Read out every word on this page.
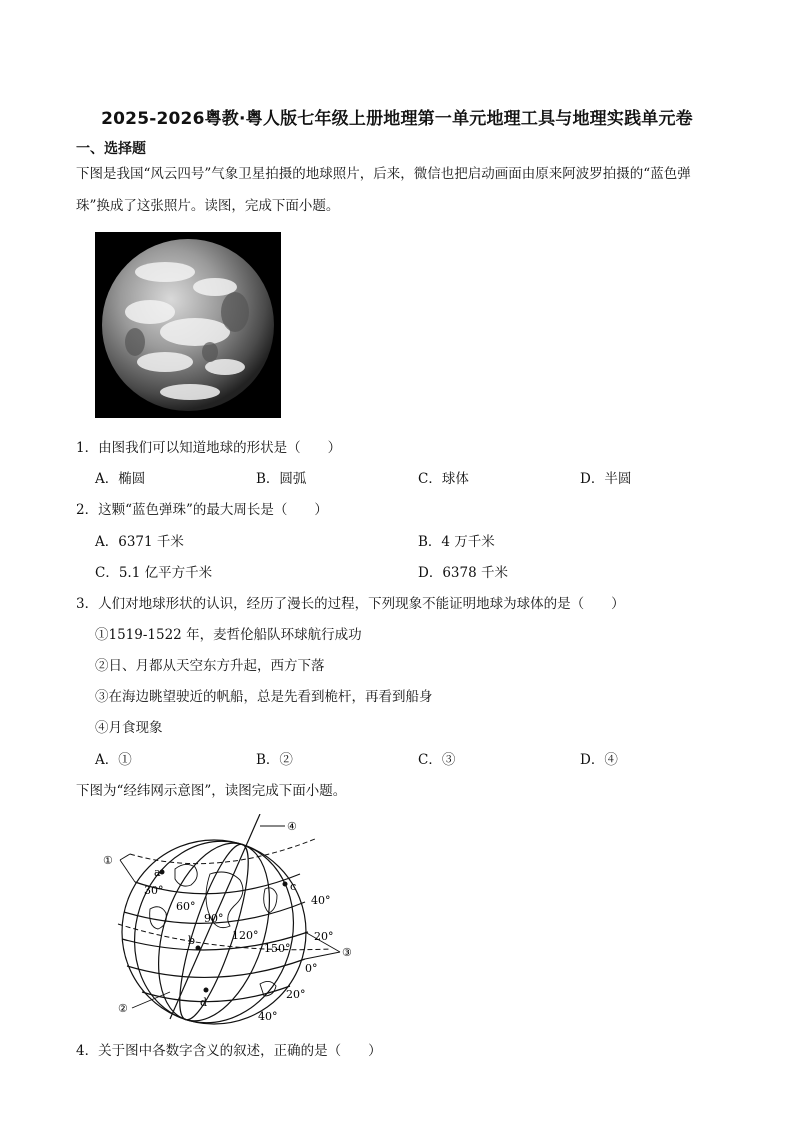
2025-2026粤教·粤人版七年级上册地理第一单元地理工具与地理实践单元卷
一、选择题
下图是我国“风云四号”气象卫星拍摄的地球照片，后来，微信也把启动画面由原来阿波罗拍摄的“蓝色弹
珠”换成了这张照片。读图，完成下面小题。
1．由图我们可以知道地球的形状是（　　）
A．椭圆	B．圆弧	C．球体	D．半圆
2．这颗“蓝色弹珠”的最大周长是（　　）
A．6371 千米	B．4 万千米
C．5.1 亿平方千米	D．6378 千米
3．人们对地球形状的认识，经历了漫长的过程，下列现象不能证明地球为球体的是（　　）
①1519-1522 年，麦哲伦船队环球航行成功
②日、月都从天空东方升起，西方下落
③在海边眺望驶近的帆船，总是先看到桅杆，再看到船身
④月食现象
A．①	B．②	C．③	D．④
下图为“经纬网示意图”，读图完成下面小题。
①
②
③
④
a
b
c
d
30°
60°
90°
120°
150°
40°
20°
0°
20°
40°
4．关于图中各数字含义的叙述，正确的是（　　）
